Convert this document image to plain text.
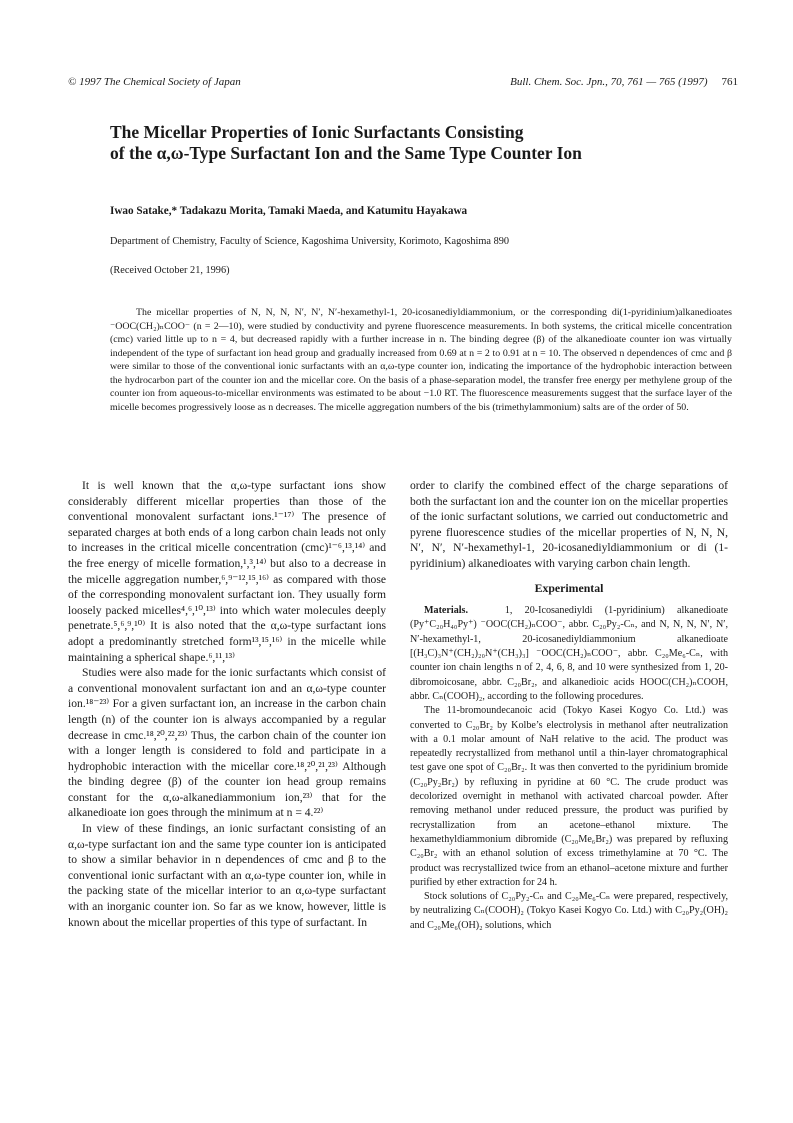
© 1997 The Chemical Society of Japan	Bull. Chem. Soc. Jpn., 70, 761 — 765 (1997) 761
The Micellar Properties of Ionic Surfactants Consisting
of the α,ω-Type Surfactant Ion and the Same Type Counter Ion
Iwao Satake,* Tadakazu Morita, Tamaki Maeda, and Katumitu Hayakawa
Department of Chemistry, Faculty of Science, Kagoshima University, Korimoto, Kagoshima 890
(Received October 21, 1996)

The micellar properties of N, N, N, N′, N′, N′-hexamethyl-1, 20-icosanediyldiammonium, or the corresponding di(1-pyridinium)alkanedioates ⁻OOC(CH₂)ₙCOO⁻ (n = 2—10), were studied by conductivity and pyrene fluorescence measurements. In both systems, the critical micelle concentration (cmc) varied little up to n = 4, but decreased rapidly with a further increase in n. The binding degree (β) of the alkanedioate counter ion was virtually independent of the type of surfactant ion head group and gradually increased from 0.69 at n = 2 to 0.91 at n = 10. The observed n dependences of cmc and β were similar to those of the conventional ionic surfactants with an α,ω-type counter ion, indicating the importance of the hydrophobic interaction between the hydrocarbon part of the counter ion and the micellar core. On the basis of a phase-separation model, the transfer free energy per methylene group of the counter ion from aqueous-to-micellar environments was estimated to be about −1.0 RT. The fluorescence measurements suggest that the surface layer of the micelle becomes progressively loose as n decreases. The micelle aggregation numbers of the bis (trimethylammonium) salts are of the order of 50.

It is well known that the α,ω-type surfactant ions show considerably different micellar properties than those of the conventional monovalent surfactant ions.¹⁻¹⁷⁾ The presence of separated charges at both ends of a long carbon chain leads not only to increases in the critical micelle concentration (cmc)¹⁻⁶,¹³,¹⁴⁾ and the free energy of micelle formation,¹,³,¹⁴⁾ but also to a decrease in the micelle aggregation number,⁶,⁹⁻¹²,¹⁵,¹⁶⁾ as compared with those of the corresponding monovalent surfactant ion. They usually form loosely packed micelles⁴,⁶,¹⁰,¹³⁾ into which water molecules deeply penetrate.⁵,⁶,⁹,¹⁰⁾ It is also noted that the α,ω-type surfactant ions adopt a predominantly stretched form¹³,¹⁵,¹⁶⁾ in the micelle while maintaining a spherical shape.⁶,¹¹,¹³⁾

Studies were also made for the ionic surfactants which consist of a conventional monovalent surfactant ion and an α,ω-type counter ion.¹⁸⁻²³⁾ For a given surfactant ion, an increase in the carbon chain length (n) of the counter ion is always accompanied by a regular decrease in cmc.¹⁸,²⁰,²²,²³⁾ Thus, the carbon chain of the counter ion with a longer length is considered to fold and participate in a hydrophobic interaction with the micellar core.¹⁸,²⁰,²¹,²³⁾ Although the binding degree (β) of the counter ion head group remains constant for the α,ω-alkanediammonium ion,²³⁾ that for the alkanedioate ion goes through the minimum at n = 4.²²⁾

In view of these findings, an ionic surfactant consisting of an α,ω-type surfactant ion and the same type counter ion is anticipated to show a similar behavior in n dependences of cmc and β to the conventional ionic surfactant with an α,ω-type counter ion, while in the packing state of the micellar interior to an α,ω-type surfactant with an inorganic counter ion. So far as we know, however, little is known about the micellar properties of this type of surfactant. In

order to clarify the combined effect of the charge separations of both the surfactant ion and the counter ion on the micellar properties of the ionic surfactant solutions, we carried out conductometric and pyrene fluorescence studies of the micellar properties of N, N, N, N′, N′, N′-hexamethyl-1, 20-icosanediyldiammonium or di (1-pyridinium) alkanedioates with varying carbon chain length.

Experimental

Materials.	1, 20-Icosanediyldi (1-pyridinium) alkanedioate (Py⁺C₂₀H₄₀Py⁺) ⁻OOC(CH₂)ₙCOO⁻, abbr. C₂₀Py₂-Cₙ, and N, N, N, N′, N′, N′-hexamethyl-1, 20-icosanediyldiammonium alkanedioate [(H₃C)₃N⁺(CH₂)₂₀N⁺(CH₃)₃] ⁻OOC(CH₂)ₙCOO⁻, abbr. C₂₀Me₆-Cₙ, with counter ion chain lengths n of 2, 4, 6, 8, and 10 were synthesized from 1, 20-dibromoicosane, abbr. C₂₀Br₂, and alkanedioic acids HOOC(CH₂)ₙCOOH, abbr. Cₙ(COOH)₂, according to the following procedures.

The 11-bromoundecanoic acid (Tokyo Kasei Kogyo Co. Ltd.) was converted to C₂₀Br₂ by Kolbe’s electrolysis in methanol after neutralization with a 0.1 molar amount of NaH relative to the acid. The product was repeatedly recrystallized from methanol until a thin-layer chromatographical test gave one spot of C₂₀Br₂. It was then converted to the pyridinium bromide (C₂₀Py₂Br₂) by refluxing in pyridine at 60 °C. The crude product was decolorized overnight in methanol with activated charcoal powder. After removing methanol under reduced pressure, the product was purified by recrystallization from an acetone–ethanol mixture. The hexamethyldiammonium dibromide (C₂₀Me₆Br₂) was prepared by refluxing C₂₀Br₂ with an ethanol solution of excess trimethylamine at 70 °C. The product was recrystallized twice from an ethanol–acetone mixture and further purified by ether extraction for 24 h.

Stock solutions of C₂₀Py₂-Cₙ and C₂₀Me₆-Cₙ were prepared, respectively, by neutralizing Cₙ(COOH)₂ (Tokyo Kasei Kogyo Co. Ltd.) with C₂₀Py₂(OH)₂ and C₂₀Me₆(OH)₂ solutions, which
